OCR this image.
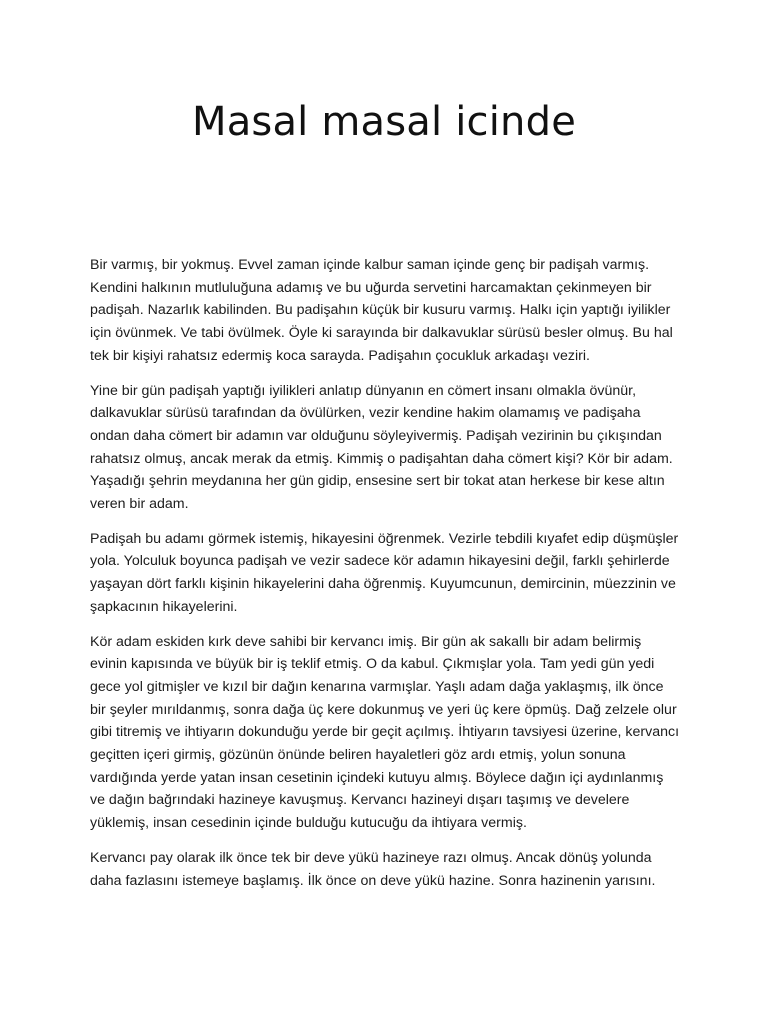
Masal masal icinde

Bir varmış, bir yokmuş. Evvel zaman içinde kalbur saman içinde genç bir padişah varmış. Kendini halkının mutluluğuna adamış ve bu uğurda servetini harcamaktan çekinmeyen bir padişah. Nazarlık kabilinden. Bu padişahın küçük bir kusuru varmış. Halkı için yaptığı iyilikler için övünmek. Ve tabi övülmek. Öyle ki sarayında bir dalkavuklar sürüsü besler olmuş. Bu hal tek bir kişiyi rahatsız edermiş koca sarayda. Padişahın çocukluk arkadaşı veziri.

Yine bir gün padişah yaptığı iyilikleri anlatıp dünyanın en cömert insanı olmakla övünür, dalkavuklar sürüsü tarafından da övülürken, vezir kendine hakim olamamış ve padişaha ondan daha cömert bir adamın var olduğunu söyleyivermiş. Padişah vezirinin bu çıkışından rahatsız olmuş, ancak merak da etmiş. Kimmiş o padişahtan daha cömert kişi? Kör bir adam. Yaşadığı şehrin meydanına her gün gidip, ensesine sert bir tokat atan herkese bir kese altın veren bir adam.

Padişah bu adamı görmek istemiş, hikayesini öğrenmek. Vezirle tebdili kıyafet edip düşmüşler yola. Yolculuk boyunca padişah ve vezir sadece kör adamın hikayesini değil, farklı şehirlerde yaşayan dört farklı kişinin hikayelerini daha öğrenmiş. Kuyumcunun, demircinin, müezzinin ve şapkacının hikayelerini.

Kör adam eskiden kırk deve sahibi bir kervancı imiş. Bir gün ak sakallı bir adam belirmiş evinin kapısında ve büyük bir iş teklif etmiş. O da kabul. Çıkmışlar yola. Tam yedi gün yedi gece yol gitmişler ve kızıl bir dağın kenarına varmışlar. Yaşlı adam dağa yaklaşmış, ilk önce bir şeyler mırıldanmış, sonra dağa üç kere dokunmuş ve yeri üç kere öpmüş. Dağ zelzele olur gibi titremiş ve ihtiyarın dokunduğu yerde bir geçit açılmış. İhtiyarın tavsiyesi üzerine, kervancı geçitten içeri girmiş, gözünün önünde beliren hayaletleri göz ardı etmiş, yolun sonuna vardığında yerde yatan insan cesetinin içindeki kutuyu almış. Böylece dağın içi aydınlanmış ve dağın bağrındaki hazineye kavuşmuş. Kervancı hazineyi dışarı taşımış ve develere yüklemiş, insan cesedinin içinde bulduğu kutucuğu da ihtiyara vermiş.

Kervancı pay olarak ilk önce tek bir deve yükü hazineye razı olmuş. Ancak dönüş yolunda daha fazlasını istemeye başlamış. İlk önce on deve yükü hazine. Sonra hazinenin yarısını.
